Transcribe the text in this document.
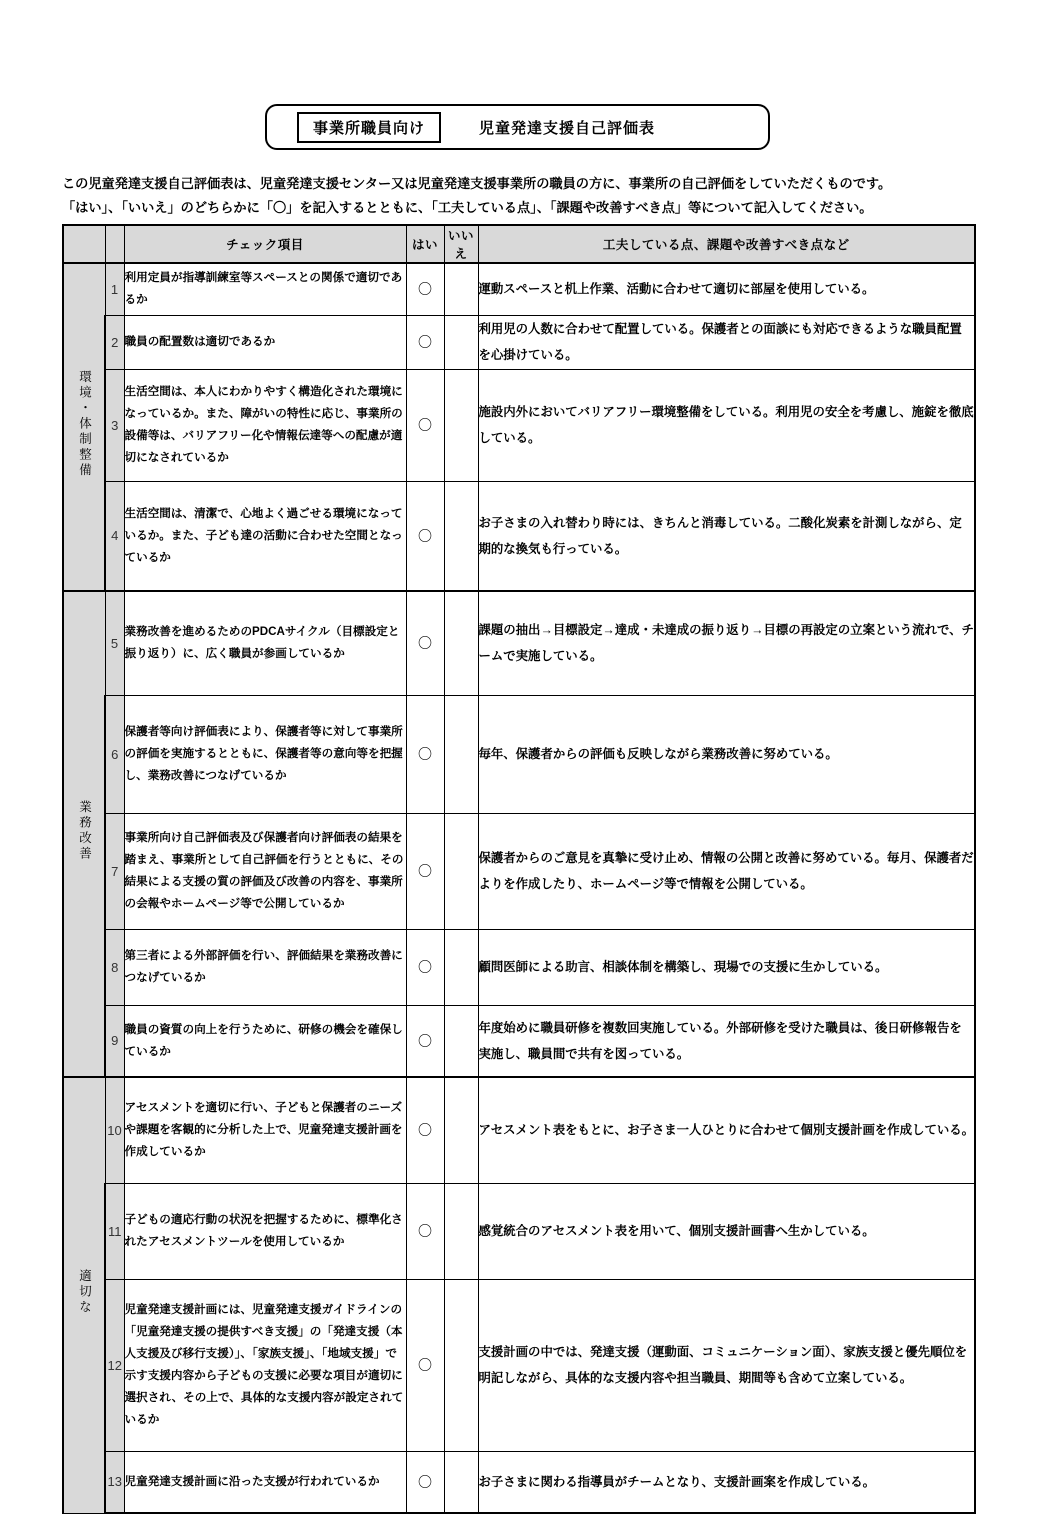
事業所職員向け	児童発達支援自己評価表
この児童発達支援自己評価表は、児童発達支援センター又は児童発達支援事業所の職員の方に、事業所の自己評価をしていただくものです。
「はい」、「いいえ」のどちらかに「〇」を記入するとともに、「工夫している点」、「課題や改善すべき点」等について記入してください。
		チェック項目	はい	いいえ	工夫している点、課題や改善すべき点など
環境・体制整備	1	利用定員が指導訓練室等スペースとの関係で適切であるか	〇		運動スペースと机上作業、活動に合わせて適切に部屋を使用している。
	2	職員の配置数は適切であるか	〇		利用児の人数に合わせて配置している。保護者との面談にも対応できるような職員配置を心掛けている。
	3	生活空間は、本人にわかりやすく構造化された環境になっているか。また、障がいの特性に応じ、事業所の設備等は、バリアフリー化や情報伝達等への配慮が適切になされているか	〇		施設内外においてバリアフリー環境整備をしている。利用児の安全を考慮し、施錠を徹底している。
	4	生活空間は、清潔で、心地よく過ごせる環境になっているか。また、子ども達の活動に合わせた空間となっているか	〇		お子さまの入れ替わり時には、きちんと消毒している。二酸化炭素を計測しながら、定期的な換気も行っている。
業務改善	5	業務改善を進めるためのPDCAサイクル（目標設定と振り返り）に、広く職員が参画しているか	〇		課題の抽出→目標設定→達成・未達成の振り返り→目標の再設定の立案という流れで、チームで実施している。
	6	保護者等向け評価表により、保護者等に対して事業所の評価を実施するとともに、保護者等の意向等を把握し、業務改善につなげているか	〇		毎年、保護者からの評価も反映しながら業務改善に努めている。
	7	事業所向け自己評価表及び保護者向け評価表の結果を踏まえ、事業所として自己評価を行うとともに、その結果による支援の質の評価及び改善の内容を、事業所の会報やホームページ等で公開しているか	〇		保護者からのご意見を真摯に受け止め、情報の公開と改善に努めている。毎月、保護者だよりを作成したり、ホームページ等で情報を公開している。
	8	第三者による外部評価を行い、評価結果を業務改善につなげているか	〇		顧問医師による助言、相談体制を構築し、現場での支援に生かしている。
	9	職員の資質の向上を行うために、研修の機会を確保しているか	〇		年度始めに職員研修を複数回実施している。外部研修を受けた職員は、後日研修報告を実施し、職員間で共有を図っている。
適切な	10	アセスメントを適切に行い、子どもと保護者のニーズや課題を客観的に分析した上で、児童発達支援計画を作成しているか	〇		アセスメント表をもとに、お子さま一人ひとりに合わせて個別支援計画を作成している。
	11	子どもの適応行動の状況を把握するために、標準化されたアセスメントツールを使用しているか	〇		感覚統合のアセスメント表を用いて、個別支援計画書へ生かしている。
	12	児童発達支援計画には、児童発達支援ガイドラインの「児童発達支援の提供すべき支援」の「発達支援（本人支援及び移行支援）」、「家族支援」、「地域支援」で示す支援内容から子どもの支援に必要な項目が適切に選択され、その上で、具体的な支援内容が設定されているか	〇		支援計画の中では、発達支援（運動面、コミュニケーション面）、家族支援と優先順位を明記しながら、具体的な支援内容や担当職員、期間等も含めて立案している。
	13	児童発達支援計画に沿った支援が行われているか	〇		お子さまに関わる指導員がチームとなり、支援計画案を作成している。
